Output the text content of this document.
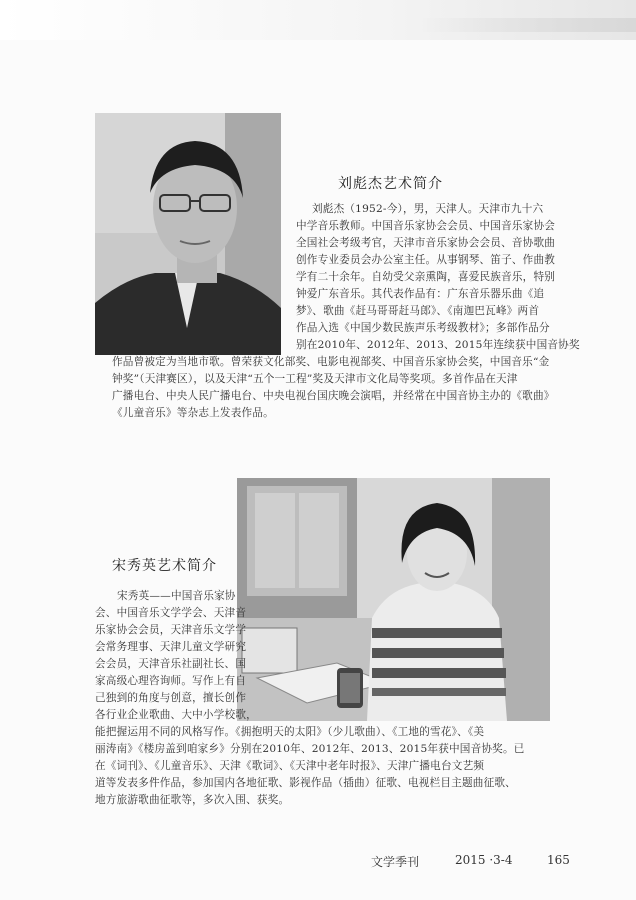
刘彪杰艺术简介
刘彪杰（1952-今），男，天津人。天津市九十六
中学音乐教师。中国音乐家协会会员、中国音乐家协会
全国社会考级考官，天津市音乐家协会会员、音协歌曲
创作专业委员会办公室主任。从事钢琴、笛子、作曲教
学有二十余年。自幼受父亲熏陶，喜爱民族音乐，特别
钟爱广东音乐。其代表作品有：广东音乐器乐曲《追
梦》、歌曲《赶马哥哥赶马郎》、《南迦巴瓦峰》两首
作品入选《中国少数民族声乐考级教材》；多部作品分
别在2010年、2012年、2013、2015年连续获中国音协奖
作品曾被定为当地市歌。曾荣获文化部奖、电影电视部奖、中国音乐家协会奖，中国音乐“金
钟奖”（天津赛区），以及天津“五个一工程”奖及天津市文化局等奖项。多首作品在天津
广播电台、中央人民广播电台、中央电视台国庆晚会演唱，并经常在中国音协主办的《歌曲》
《儿童音乐》等杂志上发表作品。
宋秀英艺术简介
宋秀英——中国音乐家协
会、中国音乐文学学会、天津音
乐家协会会员，天津音乐文学学
会常务理事、天津儿童文学研究
会会员，天津音乐社副社长、国
家高级心理咨询师。写作上有自
己独到的角度与创意，擅长创作
各行业企业歌曲、大中小学校歌，
能把握运用不同的风格写作。《拥抱明天的太阳》（少儿歌曲）、《工地的雪花》、《美
丽涛南》《楼房盖到咱家乡》分别在2010年、2012年、2013、2015年获中国音协奖。已
在《词刊》、《儿童音乐》、天津《歌词》、《天津中老年时报》、天津广播电台文艺频
道等发表多件作品，参加国内各地征歌、影视作品（插曲）征歌、电视栏目主题曲征歌、
地方旅游歌曲征歌等，多次入围、获奖。
文学季刊	2015 ·3-4	165
